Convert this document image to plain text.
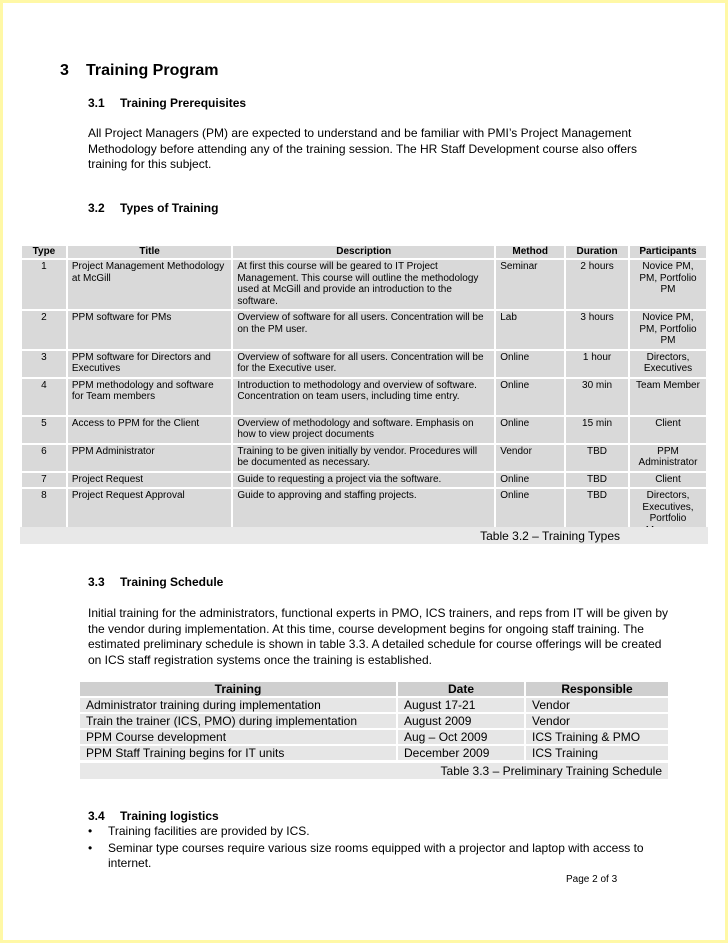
3 Training Program
3.1 Training Prerequisites
All Project Managers (PM) are expected to understand and be familiar with PMI’s Project Management Methodology before attending any of the training session. The HR Staff Development course also offers training for this subject.
3.2 Types of Training
Type	Title	Description	Method	Duration	Participants
1	Project Management Methodology at McGill	At first this course will be geared to IT Project Management. This course will outline the methodology used at McGill and provide an introduction to the software.	Seminar	2 hours	Novice PM, PM, Portfolio PM
2	PPM software for PMs	Overview of software for all users. Concentration will be on the PM user.	Lab	3 hours	Novice PM, PM, Portfolio PM
3	PPM software for Directors and Executives	Overview of software for all users. Concentration will be for the Executive user.	Online	1 hour	Directors, Executives
4	PPM methodology and software for Team members	Introduction to methodology and overview of software. Concentration on team users, including time entry.	Online	30 min	Team Member
5	Access to PPM for the Client	Overview of methodology and software. Emphasis on how to view project documents	Online	15 min	Client
6	PPM Administrator	Training to be given initially by vendor. Procedures will be documented as necessary.	Vendor	TBD	PPM Administrator
7	Project Request	Guide to requesting a project via the software.	Online	TBD	Client
8	Project Request Approval	Guide to approving and staffing projects.	Online	TBD	Directors, Executives, Portfolio
Table 3.2 – Training Types
3.3 Training Schedule
Initial training for the administrators, functional experts in PMO, ICS trainers, and reps from IT will be given by the vendor during implementation. At this time, course development begins for ongoing staff training. The estimated preliminary schedule is shown in table 3.3. A detailed schedule for course offerings will be created on ICS staff registration systems once the training is established.
Training	Date	Responsible
Administrator training during implementation	August 17-21	Vendor
Train the trainer (ICS, PMO) during implementation	August 2009	Vendor
PPM Course development	Aug – Oct 2009	ICS Training & PMO
PPM Staff Training begins for IT units	December 2009	ICS Training
Table 3.3 – Preliminary Training Schedule
3.4 Training logistics
• Training facilities are provided by ICS.
• Seminar type courses require various size rooms equipped with a projector and laptop with access to internet.
Page 2 of 3
